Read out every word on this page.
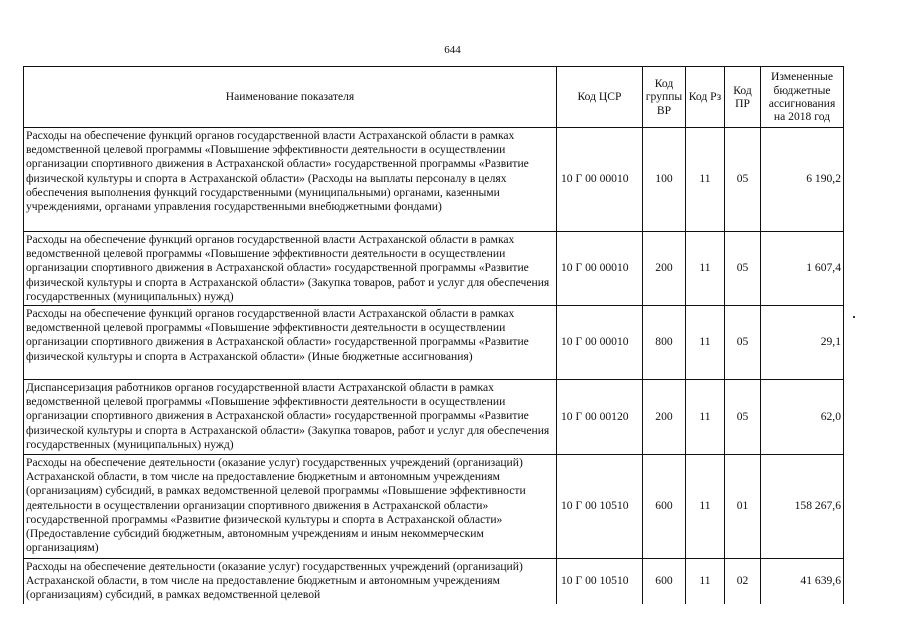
644
Наименование показателя	Код ЦСР	Код группы ВР	Код Рз	Код ПР	Измененные бюджетные ассигнования на 2018 год
Расходы на обеспечение функций органов государственной власти Астраханской области в рамках ведомственной целевой программы «Повышение эффективности деятельности в осуществлении организации спортивного движения в Астраханской области» государственной программы «Развитие физической культуры и спорта в Астраханской области» (Расходы на выплаты персоналу в целях обеспечения выполнения функций государственными (муниципальными) органами, казенными учреждениями, органами управления государственными внебюджетными фондами)	10 Г 00 00010	100	11	05	6 190,2
Расходы на обеспечение функций органов государственной власти Астраханской области в рамках ведомственной целевой программы «Повышение эффективности деятельности в осуществлении организации спортивного движения в Астраханской области» государственной программы «Развитие физической культуры и спорта в Астраханской области» (Закупка товаров, работ и услуг для обеспечения государственных (муниципальных) нужд)	10 Г 00 00010	200	11	05	1 607,4
Расходы на обеспечение функций органов государственной власти Астраханской области в рамках ведомственной целевой программы «Повышение эффективности деятельности в осуществлении организации спортивного движения в Астраханской области» государственной программы «Развитие физической культуры и спорта в Астраханской области» (Иные бюджетные ассигнования)	10 Г 00 00010	800	11	05	29,1
Диспансеризация работников органов государственной власти Астраханской области в рамках ведомственной целевой программы «Повышение эффективности деятельности в осуществлении организации спортивного движения в Астраханской области» государственной программы «Развитие физической культуры и спорта в Астраханской области» (Закупка товаров, работ и услуг для обеспечения государственных (муниципальных) нужд)	10 Г 00 00120	200	11	05	62,0
Расходы на обеспечение деятельности (оказание услуг) государственных учреждений (организаций) Астраханской области, в том числе на предоставление бюджетным и автономным учреждениям (организациям) субсидий, в рамках ведомственной целевой программы «Повышение эффективности деятельности в осуществлении организации спортивного движения в Астраханской области» государственной программы «Развитие физической культуры и спорта в Астраханской области» (Предоставление субсидий бюджетным, автономным учреждениям и иным некоммерческим организациям)	10 Г 00 10510	600	11	01	158 267,6
Расходы на обеспечение деятельности (оказание услуг) государственных учреждений (организаций) Астраханской области, в том числе на предоставление бюджетным и автономным учреждениям (организациям) субсидий, в рамках ведомственной целевой	10 Г 00 10510	600	11	02	41 639,6
